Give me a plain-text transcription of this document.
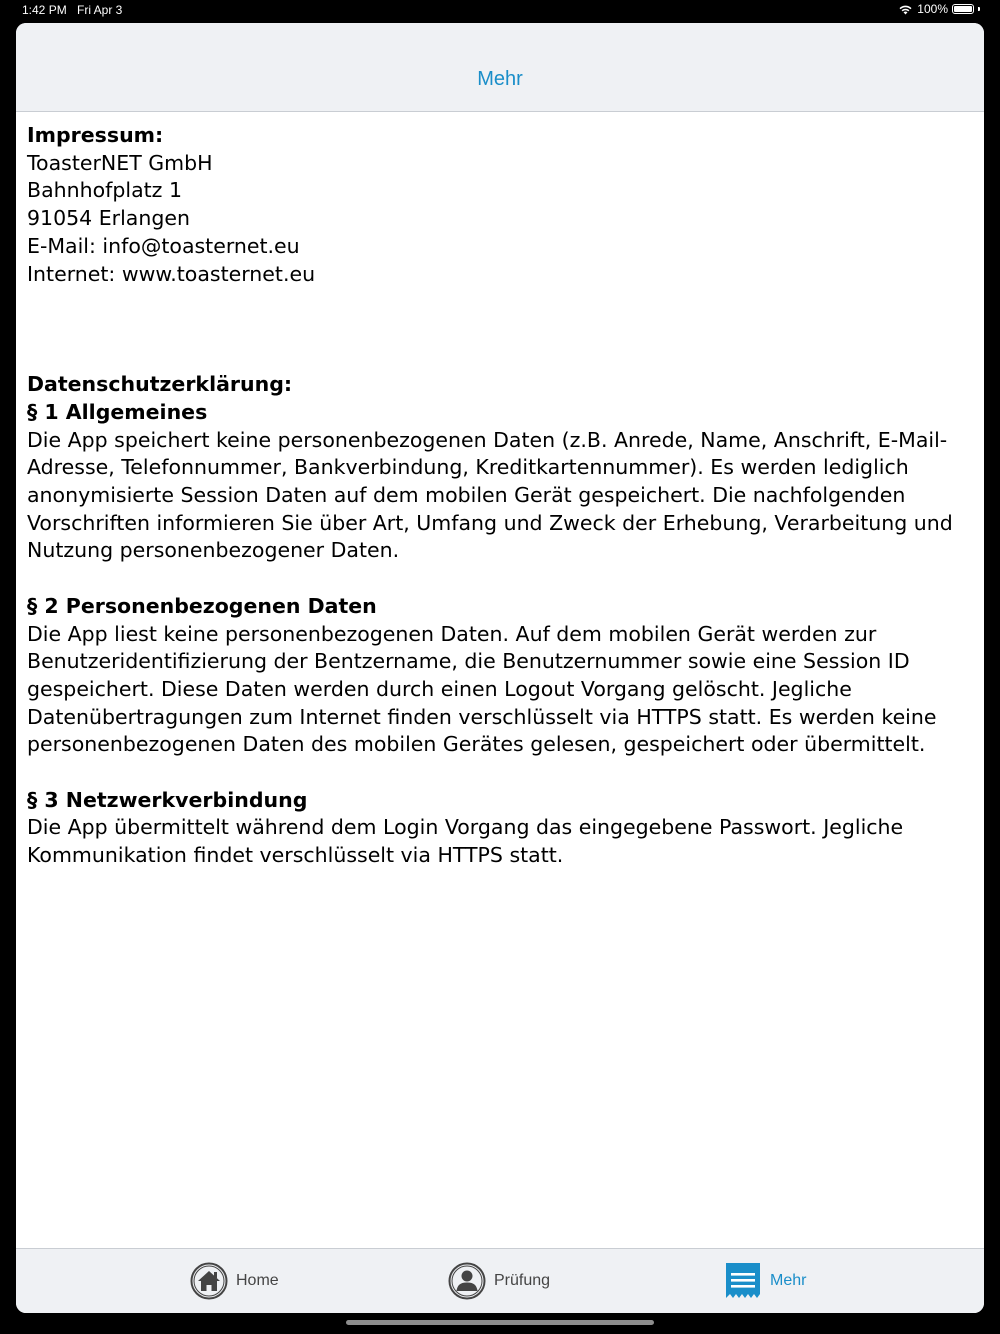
1:42 PM Fri Apr 3	100%
Mehr

Impressum:

ToasterNET GmbH

Bahnhofplatz 1

91054 Erlangen

E-Mail: info@toasternet.eu

Internet: www.toasternet.eu

Datenschutzerklärung:

§ 1 Allgemeines

Die App speichert keine personenbezogenen Daten (z.B. Anrede, Name, Anschrift, E-Mail-Adresse, Telefonnummer, Bankverbindung, Kreditkartennummer). Es werden lediglich anonymisierte Session Daten auf dem mobilen Gerät gespeichert. Die nachfolgenden Vorschriften informieren Sie über Art, Umfang und Zweck der Erhebung, Verarbeitung und Nutzung personenbezogener Daten.

§ 2 Personenbezogenen Daten

Die App liest keine personenbezogenen Daten. Auf dem mobilen Gerät werden zur Benutzeridentifizierung der Bentzername, die Benutzernummer sowie eine Session ID gespeichert. Diese Daten werden durch einen Logout Vorgang gelöscht. Jegliche Datenübertragungen zum Internet finden verschlüsselt via HTTPS statt. Es werden keine personenbezogenen Daten des mobilen Gerätes gelesen, gespeichert oder übermittelt.

§ 3 Netzwerkverbindung

Die App übermittelt während dem Login Vorgang das eingegebene Passwort. Jegliche Kommunikation findet verschlüsselt via HTTPS statt.

Home	Prüfung	Mehr
